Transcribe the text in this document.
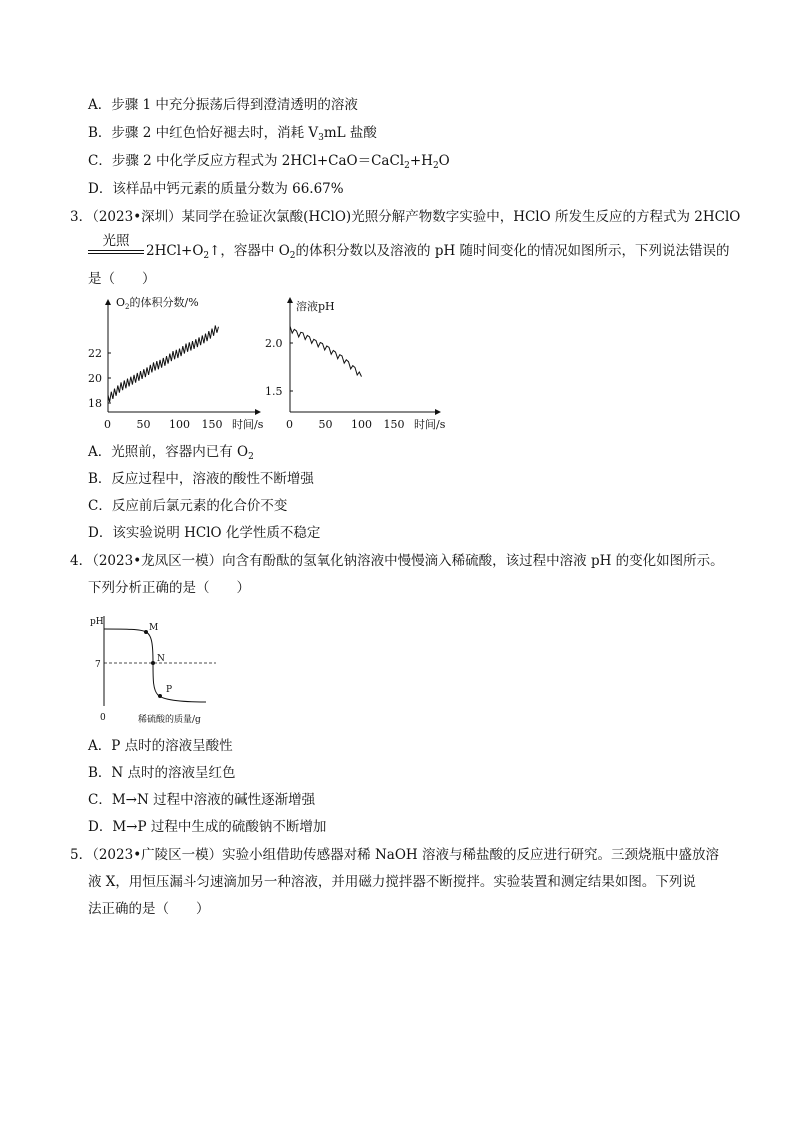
A．步骤 1 中充分振荡后得到澄清透明的溶液
B．步骤 2 中红色恰好褪去时，消耗 $V_3mL$ 盐酸
C．步骤 2 中化学反应方程式为 $2HCl+CaO=CaCl_2+H_2O$
D．该样品中钙元素的质量分数为 66.67%
3．（2023•深圳）某同学在验证次氯酸(HClO)光照分解产物数字实验中，HClO 所发生反应的方程式为 2HClO
光照
$2HCl+O_2↑$，容器中 $O_2$的体积分数以及溶液的 pH 随时间变化的情况如图所示，下列说法错误的
是（　　）
$O_2$的体积分数/%
18
20
22
0 50 100 150 时间/s
溶液pH
1.5
2.0
0 50 100 150 时间/s
A．光照前，容器内已有 $O_2$
B．反应过程中，溶液的酸性不断增强
C．反应前后氯元素的化合价不变
D．该实验说明 HClO 化学性质不稳定
4．（2023•龙凤区一模）向含有酚酞的氢氧化钠溶液中慢慢滴入稀硫酸，该过程中溶液 pH 的变化如图所示。
下列分析正确的是（　　）
pH
7
0	稀硫酸的质量/g
M
N
P
A．P 点时的溶液呈酸性
B．N 点时的溶液呈红色
C．M→N 过程中溶液的碱性逐渐增强
D．M→P 过程中生成的硫酸钠不断增加
5．（2023•广陵区一模）实验小组借助传感器对稀 NaOH 溶液与稀盐酸的反应进行研究。三颈烧瓶中盛放溶
液 X，用恒压漏斗匀速滴加另一种溶液，并用磁力搅拌器不断搅拌。实验装置和测定结果如图。下列说
法正确的是（　　）
